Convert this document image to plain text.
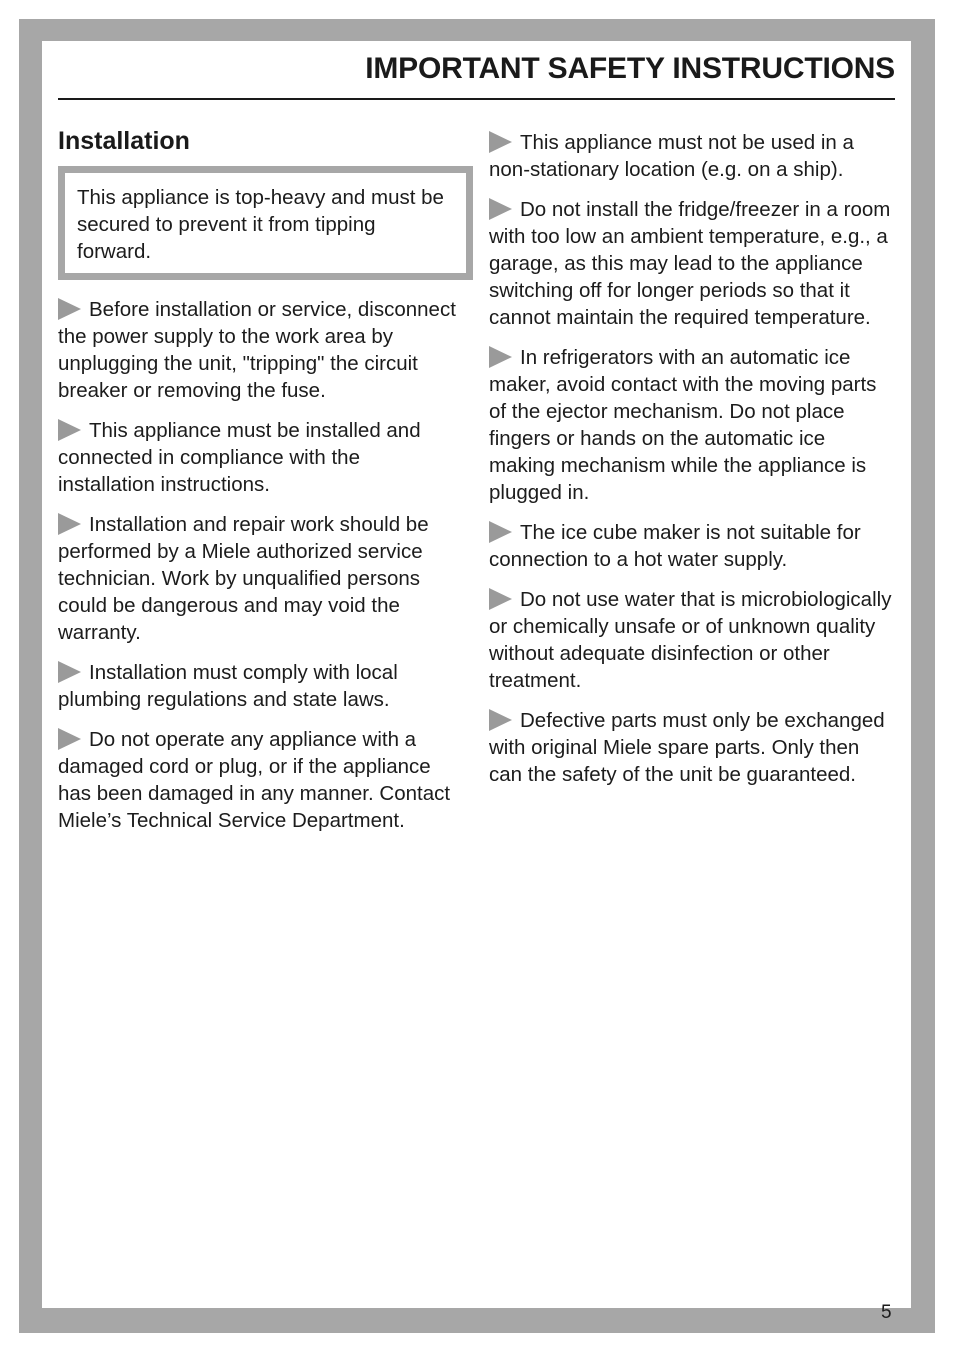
IMPORTANT SAFETY INSTRUCTIONS
Installation

This appliance is top-heavy and must be secured to prevent it from tipping forward.

Before installation or service, disconnect the power supply to the work area by unplugging the unit, "tripping" the circuit breaker or removing the fuse.

This appliance must be installed and connected in compliance with the installation instructions.

Installation and repair work should be performed by a Miele authorized service technician. Work by unqualified persons could be dangerous and may void the warranty.

Installation must comply with local plumbing regulations and state laws.

Do not operate any appliance with a damaged cord or plug, or if the appliance has been damaged in any manner. Contact Miele’s Technical Service Department.

This appliance must not be used in a non-stationary location (e.g. on a ship).

Do not install the fridge/freezer in a room with too low an ambient temperature, e.g., a garage, as this may lead to the appliance switching off for longer periods so that it cannot maintain the required temperature.

In refrigerators with an automatic ice maker, avoid contact with the moving parts of the ejector mechanism. Do not place fingers or hands on the automatic ice making mechanism while the appliance is plugged in.

The ice cube maker is not suitable for connection to a hot water supply.

Do not use water that is microbiologically or chemically unsafe or of unknown quality without adequate disinfection or other treatment.

Defective parts must only be exchanged with original Miele spare parts. Only then can the safety of the unit be guaranteed.

5
